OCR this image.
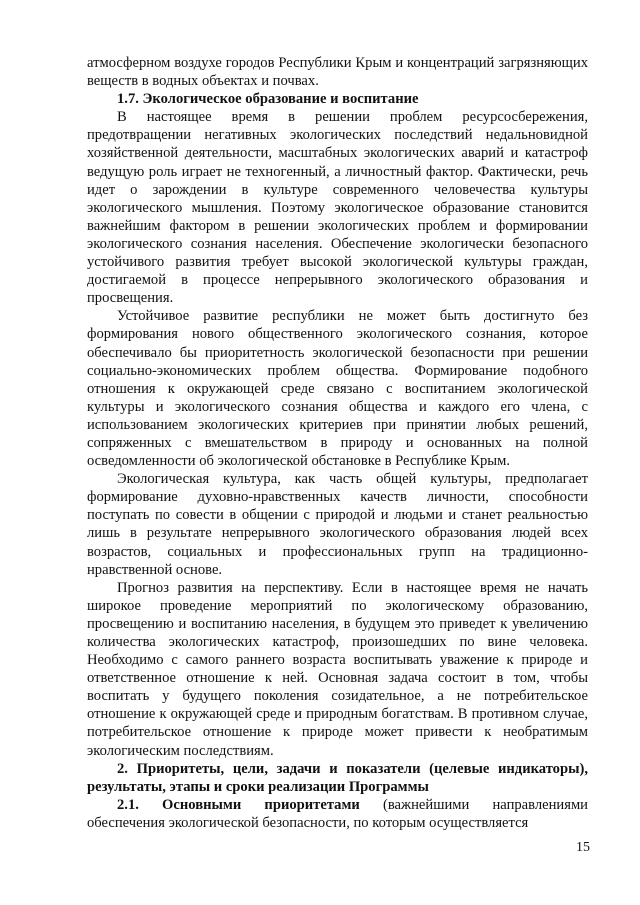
атмосферном воздухе городов Республики Крым и концентраций загрязняющих веществ в водных объектах и почвах.

1.7. Экологическое образование и воспитание

В настоящее время в решении проблем ресурсосбережения, предотвращении негативных экологических последствий недальновидной хозяйственной деятельности, масштабных экологических аварий и катастроф ведущую роль играет не техногенный, а личностный фактор. Фактически, речь идет о зарождении в культуре современного человечества культуры экологического мышления. Поэтому экологическое образование становится важнейшим фактором в решении экологических проблем и формировании экологического сознания населения. Обеспечение экологически безопасного устойчивого развития требует высокой экологической культуры граждан, достигаемой в процессе непрерывного экологического образования и просвещения.

Устойчивое развитие республики не может быть достигнуто без формирования нового общественного экологического сознания, которое обеспечивало бы приоритетность экологической безопасности при решении социально-экономических проблем общества. Формирование подобного отношения к окружающей среде связано с воспитанием экологической культуры и экологического сознания общества и каждого его члена, с использованием экологических критериев при принятии любых решений, сопряженных с вмешательством в природу и основанных на полной осведомленности об экологической обстановке в Республике Крым.

Экологическая культура, как часть общей культуры, предполагает формирование духовно-нравственных качеств личности, способности поступать по совести в общении с природой и людьми и станет реальностью лишь в результате непрерывного экологического образования людей всех возрастов, социальных и профессиональных групп на традиционно-нравственной основе.

Прогноз развития на перспективу. Если в настоящее время не начать широкое проведение мероприятий по экологическому образованию, просвещению и воспитанию населения, в будущем это приведет к увеличению количества экологических катастроф, произошедших по вине человека. Необходимо с самого раннего возраста воспитывать уважение к природе и ответственное отношение к ней. Основная задача состоит в том, чтобы воспитать у будущего поколения созидательное, а не потребительское отношение к окружающей среде и природным богатствам. В противном случае, потребительское отношение к природе может привести к необратимым экологическим последствиям.

2. Приоритеты, цели, задачи и показатели (целевые индикаторы), результаты, этапы и сроки реализации Программы

2.1. Основными приоритетами (важнейшими направлениями обеспечения экологической безопасности, по которым осуществляется

15
